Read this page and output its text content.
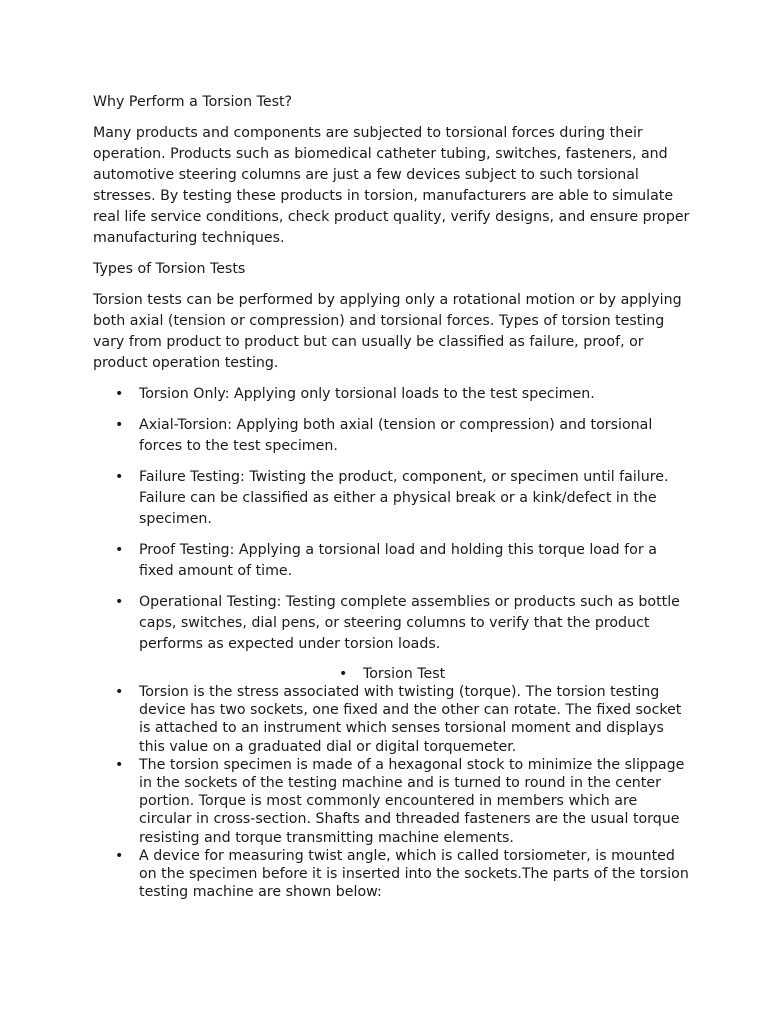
Why Perform a Torsion Test?
Many products and components are subjected to torsional forces during their operation. Products such as biomedical catheter tubing, switches, fasteners, and automotive steering columns are just a few devices subject to such torsional stresses. By testing these products in torsion, manufacturers are able to simulate real life service conditions, check product quality, verify designs, and ensure proper manufacturing techniques.
Types of Torsion Tests
Torsion tests can be performed by applying only a rotational motion or by applying both axial (tension or compression) and torsional forces. Types of torsion testing vary from product to product but can usually be classified as failure, proof, or product operation testing.
• Torsion Only: Applying only torsional loads to the test specimen.
• Axial-Torsion: Applying both axial (tension or compression) and torsional forces to the test specimen.
• Failure Testing: Twisting the product, component, or specimen until failure. Failure can be classified as either a physical break or a kink/defect in the specimen.
• Proof Testing: Applying a torsional load and holding this torque load for a fixed amount of time.
• Operational Testing: Testing complete assemblies or products such as bottle caps, switches, dial pens, or steering columns to verify that the product performs as expected under torsion loads.
• Torsion Test
• Torsion is the stress associated with twisting (torque). The torsion testing device has two sockets, one fixed and the other can rotate. The fixed socket is attached to an instrument which senses torsional moment and displays this value on a graduated dial or digital torquemeter.
• The torsion specimen is made of a hexagonal stock to minimize the slippage in the sockets of the testing machine and is turned to round in the center portion. Torque is most commonly encountered in members which are circular in cross-section. Shafts and threaded fasteners are the usual torque resisting and torque transmitting machine elements.
• A device for measuring twist angle, which is called torsiometer, is mounted on the specimen before it is inserted into the sockets.The parts of the torsion testing machine are shown below:
